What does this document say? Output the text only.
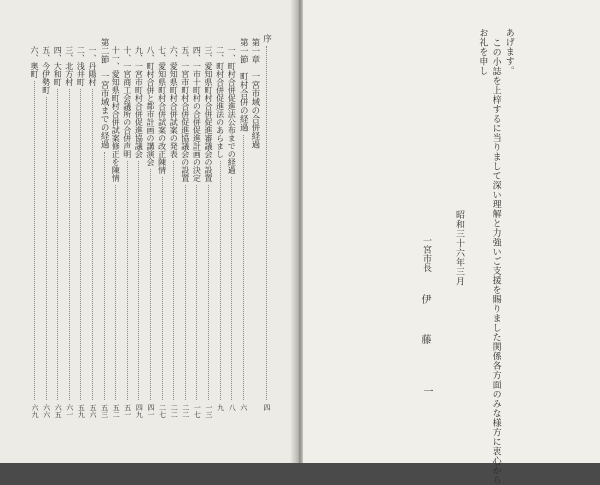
序
四
第一章　一宮市域の合併経過
第一節　町村合併の経過
六
一、町村合併促進法公布までの経過
八
二、町村合併促進法のあらまし
九
三、愛知県町村合併促進審議会の設置
一三
四、一市十町村の合併促進計画の決定
一七
五、一宮市町村合併促進協議会の設置
二二
六、愛知県町村合併試案の発表
二二
七、愛知県町村合併試案の改正陳情
二七
八、町村合併と都市計画の講演会
四一
九、一宮市町村合併促進協議会
四九
十、一宮商工会議所の合併声明
五一
十一、愛知県町村合併試案修正を陳情
五二
第二節　一宮市域までの経過
五三
一、丹陽村
五六
二、浅井町
五九
三、北方村
六一
四、大和町
六五
五、今伊勢町
六六
六、奥町
六九
あげます。
この小誌を上梓するに当りまして深い理解と力強いご支援を賜りました関係各方面のみな様方に衷心から
お礼を申し
昭和三十六年三月
一宮市長
伊
藤
一
